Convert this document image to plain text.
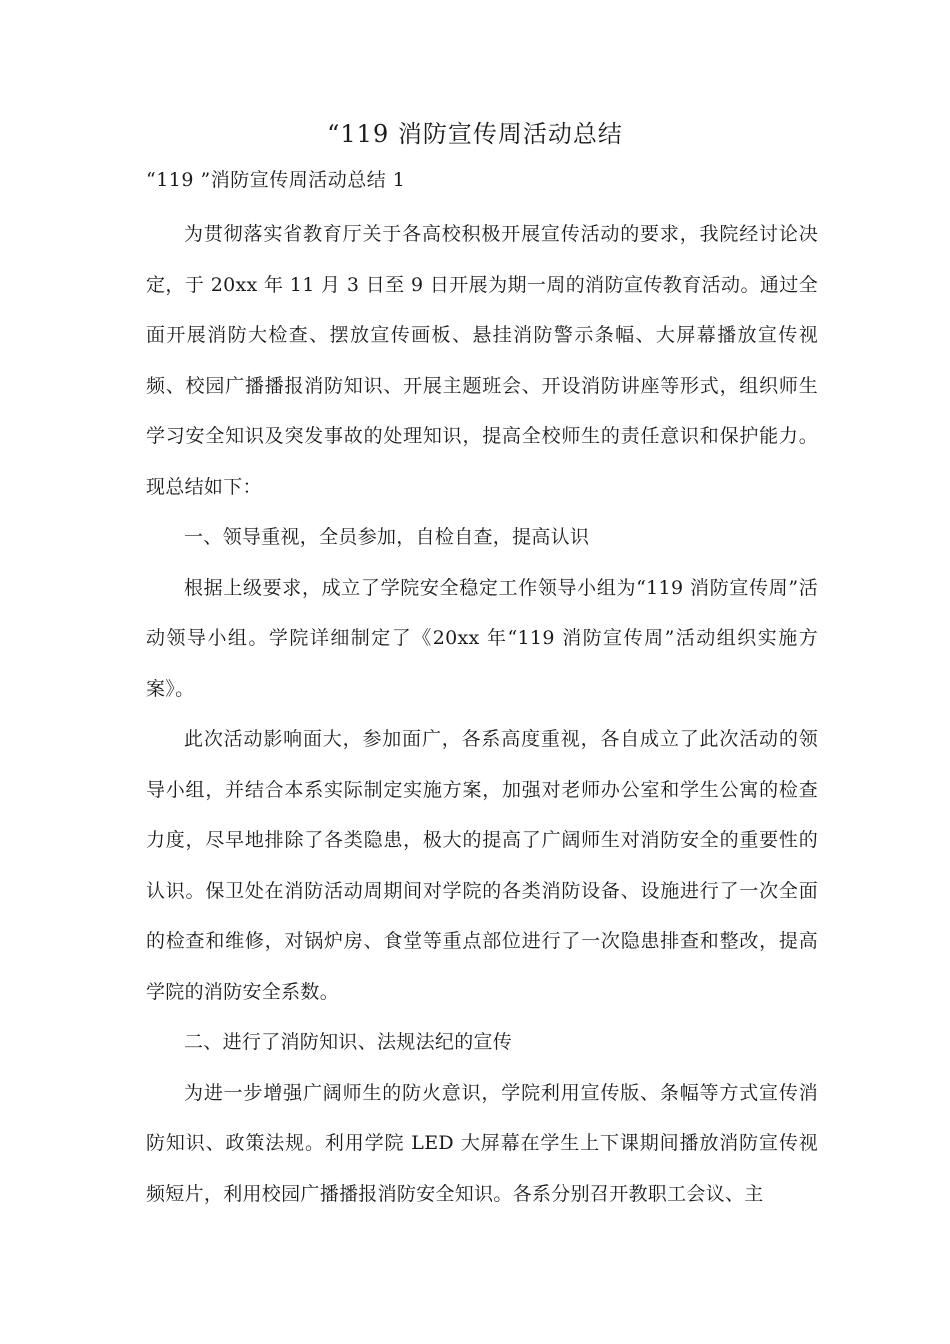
“119 消防宣传周活动总结
“119 ”消防宣传周活动总结 1

为贯彻落实省教育厅关于各高校积极开展宣传活动的要求，我院经讨论决定，于 20xx 年 11 月 3 日至 9 日开展为期一周的消防宣传教育活动。通过全面开展消防大检查、摆放宣传画板、悬挂消防警示条幅、大屏幕播放宣传视频、校园广播播报消防知识、开展主题班会、开设消防讲座等形式，组织师生学习安全知识及突发事故的处理知识，提高全校师生的责任意识和保护能力。现总结如下：

一、领导重视，全员参加，自检自查，提高认识

根据上级要求，成立了学院安全稳定工作领导小组为“119 消防宣传周”活动领导小组。学院详细制定了《20xx 年“119 消防宣传周”活动组织实施方案》。

此次活动影响面大，参加面广，各系高度重视，各自成立了此次活动的领导小组，并结合本系实际制定实施方案，加强对老师办公室和学生公寓的检查力度，尽早地排除了各类隐患，极大的提高了广阔师生对消防安全的重要性的认识。保卫处在消防活动周期间对学院的各类消防设备、设施进行了一次全面的检查和维修，对锅炉房、食堂等重点部位进行了一次隐患排查和整改，提高学院的消防安全系数。

二、进行了消防知识、法规法纪的宣传

为进一步增强广阔师生的防火意识，学院利用宣传版、条幅等方式宣传消防知识、政策法规。利用学院 LED 大屏幕在学生上下课期间播放消防宣传视频短片，利用校园广播播报消防安全知识。各系分别召开教职工会议、主
